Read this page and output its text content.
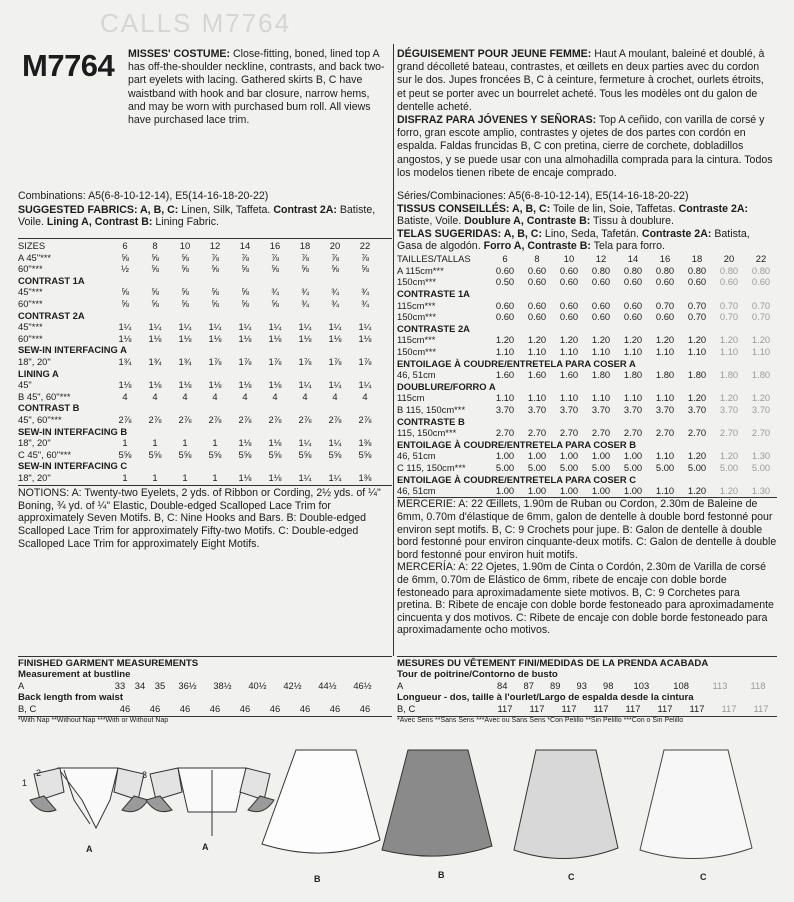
CALLS M7764
M7764 MISSES' COSTUME: Close-fitting, boned, lined top A has off-the-shoulder neckline, contrasts, and back two-part eyelets with lacing. Gathered skirts B, C have waistband with hook and bar closure, narrow hems, and may be worn with purchased bum roll. All views have purchased lace trim.
Combinations: A5(6-8-10-12-14), E5(14-16-18-20-22)
SUGGESTED FABRICS: A, B, C: Linen, Silk, Taffeta. Contrast 2A: Batiste, Voile. Lining A, Contrast B: Lining Fabric.
SIZES	6	8	10	12	14	16	18	20	22
A 45"***	⅝	⅝	⅝	⅞	⅞	⅞	⅞	⅞	⅞
60"***	½	⅝	⅝	⅝	⅝	⅝	⅝	⅝	⅝
CONTRAST 1A									
45"***	⅝	⅝	⅝	⅝	⅝	¾	¾	¾	¾
60"***	⅝	⅝	⅝	⅝	⅝	⅝	¾	¾	¾
CONTRAST 2A									
45"***	1¼	1¼	1¼	1¼	1¼	1¼	1¼	1¼	1¼
60"***	1⅛	1⅛	1⅛	1⅛	1⅛	1⅛	1⅛	1⅛	1⅛
SEW-IN INTERFACING A									
18", 20"	1¾	1¾	1¾	1⅞	1⅞	1⅞	1⅞	1⅞	1⅞
LINING A									
45"	1⅛	1⅛	1⅛	1⅛	1⅛	1⅛	1¼	1¼	1¼
B 45", 60"***	4	4	4	4	4	4	4	4	4
CONTRAST B									
45", 60"***	2⅞	2⅞	2⅞	2⅞	2⅞	2⅞	2⅞	2⅞	2⅞
SEW-IN INTERFACING B									
18", 20"	1	1	1	1	1⅛	1⅛	1¼	1¼	1⅜
C 45", 60"***	5⅝	5⅝	5⅝	5⅝	5⅝	5⅝	5⅝	5⅝	5⅝
SEW-IN INTERFACING C									
18", 20"	1	1	1	1	1⅛	1⅛	1¼	1¼	1⅜
NOTIONS: A: Twenty-two Eyelets, 2 yds. of Ribbon or Cording, 2½ yds. of ¼" Boning, ¾ yd. of ¼" Elastic, Double-edged Scalloped Lace Trim for approximately Seven Motifs. B, C: Nine Hooks and Bars. B: Double-edged Scalloped Lace Trim for approximately Fifty-two Motifs. C: Double-edged Scalloped Lace Trim for approximately Eight Motifs.
FINISHED GARMENT MEASUREMENTS
Measurement at bustline
A	33	34	35	36½	38½	40½	42½	44½	46½
Back length from waist
B, C	46	46	46	46	46	46	46	46	46
*With Nap **Without Nap ***With or Without Nap
DÉGUISEMENT POUR JEUNE FEMME: Haut A moulant, baleiné et doublé, à grand décolleté bateau, contrastes, et œillets en deux parties avec du cordon sur le dos. Jupes froncées B, C à ceinture, fermeture à crochet, ourlets étroits, et peut se porter avec un bourrelet acheté. Tous les modèles ont du galon de dentelle acheté.
DISFRAZ PARA JÓVENES Y SEÑORAS: Top A ceñido, con varilla de corsé y forro, gran escote amplio, contrastes y ojetes de dos partes con cordón en espalda. Faldas fruncidas B, C con pretina, cierre de corchete, dobladillos angostos, y se puede usar con una almohadilla comprada para la cintura. Todos los modelos tienen ribete de encaje comprado.
Séries/Combinaciones: A5(6-8-10-12-14), E5(14-16-18-20-22)
TISSUS CONSEILLÉS: A, B, C: Toile de lin, Soie, Taffetas. Contraste 2A: Batiste, Voile. Doublure A, Contraste B: Tissu à doublure.
TELAS SUGERIDAS: A, B, C: Lino, Seda, Tafetán. Contraste 2A: Batista, Gasa de algodón. Forro A, Contraste B: Tela para forro.
TAILLES/TALLAS	6	8	10	12	14	16	18	20	22
A 115cm***	0.60	0.60	0.60	0.80	0.80	0.80	0.80	0.80	0.80
150cm***	0.50	0.60	0.60	0.60	0.60	0.60	0.60	0.60	0.60
CONTRASTE 1A									
115cm***	0.60	0.60	0.60	0.60	0.60	0.70	0.70	0.70	0.70
150cm***	0.60	0.60	0.60	0.60	0.60	0.60	0.70	0.70	0.70
CONTRASTE 2A									
115cm***	1.20	1.20	1.20	1.20	1.20	1.20	1.20	1.20	1.20
150cm***	1.10	1.10	1.10	1.10	1.10	1.10	1.10	1.10	1.10
ENTOILAGE À COUDRE/ENTRETELA PARA COSER A									
46, 51cm	1.60	1.60	1.60	1.80	1.80	1.80	1.80	1.80	1.80
DOUBLURE/FORRO A									
115cm	1.10	1.10	1.10	1.10	1.10	1.10	1.20	1.20	1.20
B 115, 150cm***	3.70	3.70	3.70	3.70	3.70	3.70	3.70	3.70	3.70
CONTRASTE B									
115, 150cm***	2.70	2.70	2.70	2.70	2.70	2.70	2.70	2.70	2.70
ENTOILAGE À COUDRE/ENTRETELA PARA COSER B									
46, 51cm	1.00	1.00	1.00	1.00	1.00	1.10	1.20	1.20	1.30
C 115, 150cm***	5.00	5.00	5.00	5.00	5.00	5.00	5.00	5.00	5.00
ENTOILAGE À COUDRE/ENTRETELA PARA COSER C									
46, 51cm	1.00	1.00	1.00	1.00	1.00	1.10	1.20	1.20	1.30
MERCERIE: A: 22 Œillets, 1.90m de Ruban ou Cordon, 2.30m de Baleine de 6mm, 0.70m d'élastique de 6mm, galon de dentelle à double bord festonné pour environ sept motifs. B, C: 9 Crochets pour jupe. B: Galon de dentelle à double bord festonné pour environ cinquante-deux motifs. C: Galon de dentelle à double bord festonné pour environ huit motifs.
MERCERÍA: A: 22 Ojetes, 1.90m de Cinta o Cordón, 2.30m de Varilla de corsé de 6mm, 0.70m de Elástico de 6mm, ribete de encaje con doble borde festoneado para aproximadamente siete motivos. B, C: 9 Corchetes para pretina. B: Ribete de encaje con doble borde festoneado para aproximadamente cincuenta y dos motivos. C: Ribete de encaje con doble borde festoneado para aproximadamente ocho motivos.
MESURES DU VÊTEMENT FINI/MEDIDAS DE LA PRENDA ACABADA
Tour de poitrine/Contorno de busto
A	84	87	89	93	98	103	108	113	118
Longueur - dos, taille à l'ourlet/Largo de espalda desde la cintura
B, C	117	117	117	117	117	117	117	117	117
*Avec Sens **Sans Sens ***Avec ou Sans Sens *Con Pelillo **Sin Pelillo ***Con o Sin Pelillo
2
1
3
A	A
B	B	C	C
